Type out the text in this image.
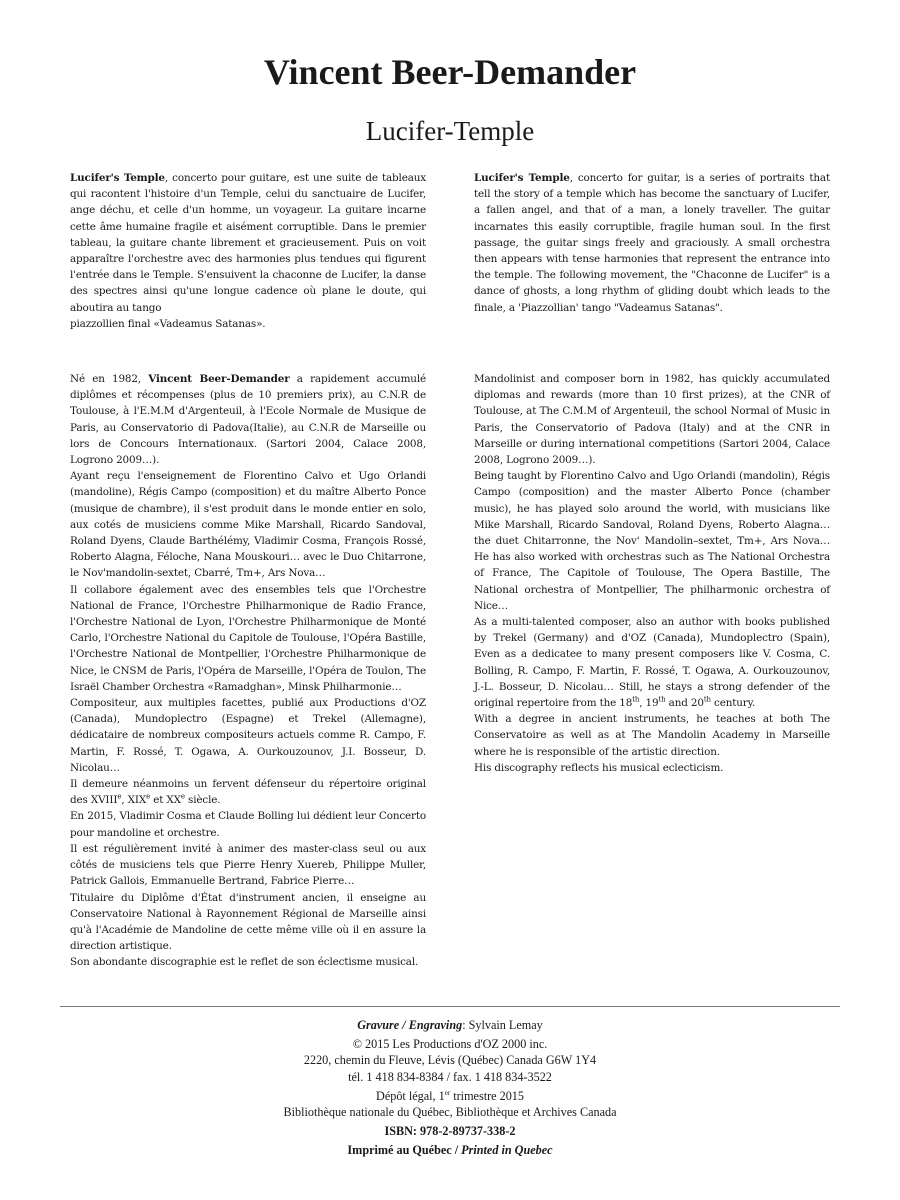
Vincent Beer-Demander
Lucifer-Temple

Lucifer's Temple, concerto pour guitare, est une suite de tableaux qui racontent l'histoire d'un Temple, celui du sanctuaire de Lucifer, ange déchu, et celle d'un homme, un voyageur. La guitare incarne cette âme humaine fragile et aisément corruptible. Dans le premier tableau, la guitare chante librement et gracieusement. Puis on voit apparaître l'orchestre avec des harmonies plus tendues qui figurent l'entrée dans le Temple. S'ensuivent la chaconne de Lucifer, la danse des spectres ainsi qu'une longue cadence où plane le doute, qui aboutira au tango

piazzollien final «Vadeamus Satanas».

Lucifer's Temple, concerto for guitar, is a series of portraits that tell the story of a temple which has become the sanctuary of Lucifer, a fallen angel, and that of a man, a lonely traveller. The guitar incarnates this easily corruptible, fragile human soul. In the first passage, the guitar sings freely and graciously. A small orchestra then appears with tense harmonies that represent the entrance into the temple. The following movement, the "Chaconne de Lucifer" is a dance of ghosts, a long rhythm of gliding doubt which leads to the finale, a 'Piazzollian' tango "Vadeamus Satanas".

Né en 1982, Vincent Beer-Demander a rapidement accumulé diplômes et récompenses (plus de 10 premiers prix), au C.N.R de Toulouse, à l'E.M.M d'Argenteuil, à l'Ecole Normale de Musique de Paris, au Conservatorio di Padova(Italie), au C.N.R de Marseille ou lors de Concours Internationaux. (Sartori 2004, Calace 2008, Logrono 2009…).

Ayant reçu l'enseignement de Florentino Calvo et Ugo Orlandi (mandoline), Régis Campo (composition) et du maître Alberto Ponce (musique de chambre), il s'est produit dans le monde entier en solo, aux cotés de musiciens comme Mike Marshall, Ricardo Sandoval, Roland Dyens, Claude Barthélémy, Vladimir Cosma, François Rossé, Roberto Alagna, Féloche, Nana Mouskouri… avec le Duo Chitarrone, le Nov'mandolin-sextet, Cbarré, Tm+, Ars Nova…

Il collabore également avec des ensembles tels que l'Orchestre National de France, l'Orchestre Philharmonique de Radio France, l'Orchestre National de Lyon, l'Orchestre Philharmonique de Monté Carlo, l'Orchestre National du Capitole de Toulouse, l'Opéra Bastille, l'Orchestre National de Montpellier, l'Orchestre Philharmonique de Nice, le CNSM de Paris, l'Opéra de Marseille, l'Opéra de Toulon, The Israël Chamber Orchestra «Ramadghan», Minsk Philharmonie…

Compositeur, aux multiples facettes, publié aux Productions d'OZ (Canada), Mundoplectro (Espagne) et Trekel (Allemagne), dédicataire de nombreux compositeurs actuels comme R. Campo, F. Martin, F. Rossé, T. Ogawa, A. Ourkouzounov, J.I. Bosseur, D. Nicolau…

Il demeure néanmoins un fervent défenseur du répertoire original des XVIIIe, XIXe et XXe siècle.

En 2015, Vladimir Cosma et Claude Bolling lui dédient leur Concerto pour mandoline et orchestre.

Il est régulièrement invité à animer des master-class seul ou aux côtés de musiciens tels que Pierre Henry Xuereb, Philippe Muller, Patrick Gallois, Emmanuelle Bertrand, Fabrice Pierre…

Titulaire du Diplôme d'État d'instrument ancien, il enseigne au Conservatoire National à Rayonnement Régional de Marseille ainsi qu'à l'Académie de Mandoline de cette même ville où il en assure la direction artistique.

Son abondante discographie est le reflet de son éclectisme musical.

Mandolinist and composer born in 1982, has quickly accumulated diplomas and rewards (more than 10 first prizes), at the CNR of Toulouse, at The C.M.M of Argenteuil, the school Normal of Music in Paris, the Conservatorio of Padova (Italy) and at the CNR in Marseille or during international competitions (Sartori 2004, Calace 2008, Logrono 2009…).

Being taught by Florentino Calvo and Ugo Orlandi (mandolin), Régis Campo (composition) and the master Alberto Ponce (chamber music), he has played solo around the world, with musicians like Mike Marshall, Ricardo Sandoval, Roland Dyens, Roberto Alagna… the duet Chitarronne, the Nov' Mandolin–sextet, Tm+, Ars Nova… He has also worked with orchestras such as The National Orchestra of France, The Capitole of Toulouse, The Opera Bastille, The National orchestra of Montpellier, The philharmonic orchestra of Nice…

As a multi-talented composer, also an author with books published by Trekel (Germany) and d'OZ (Canada), Mundoplectro (Spain), Even as a dedicatee to many present composers like V. Cosma, C. Bolling, R. Campo, F. Martin, F. Rossé, T. Ogawa, A. Ourkouzounov, J.-L. Bosseur, D. Nicolau… Still, he stays a strong defender of the original repertoire from the 18th, 19th and 20th century.

With a degree in ancient instruments, he teaches at both The Conservatoire as well as at The Mandolin Academy in Marseille where he is responsible of the artistic direction.

His discography reflects his musical eclecticism.

Gravure / Engraving: Sylvain Lemay

© 2015 Les Productions d'OZ 2000 inc.

2220, chemin du Fleuve, Lévis (Québec) Canada G6W 1Y4

tél. 1 418 834-8384 / fax. 1 418 834-3522

Dépôt légal, 1er trimestre 2015

Bibliothèque nationale du Québec, Bibliothèque et Archives Canada

ISBN: 978-2-89737-338-2

Imprimé au Québec / Printed in Quebec
